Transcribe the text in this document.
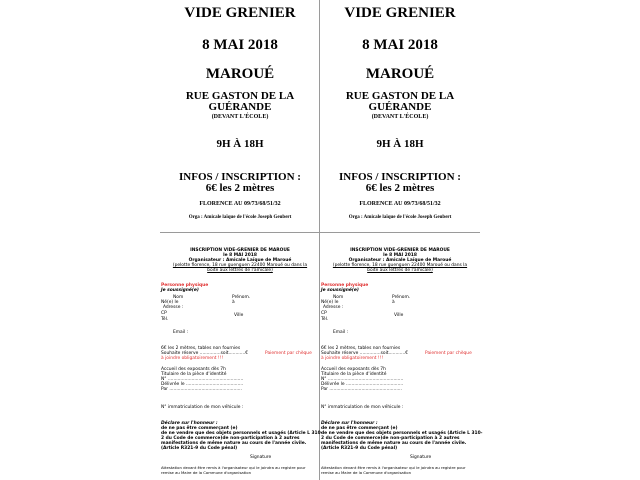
VIDE GRENIER
8 MAI 2018
MAROUÉ
RUE GASTON DE LA
GUÉRANDE
(DEVANT L'ÉCOLE)
9H À 18H
INFOS / INSCRIPTION :
6€ les 2 mètres
FLORENCE AU 09/73/68/51/32
Orga : Amicale laïque de l'école Joseph Geubert
INSCRIPTION VIDE-GRENIER DE MAROUE
le 8 MAI 2018
Organisateur : Amicale Laïque de Maroué
(pelotte florence, 18 rue guenguen 22400 Maroué ou dans la
boite aux lettres de l'amicale)
Personne physique
Je soussigné(e)
Nom	Prénom.
Né(e) le	à
Adresse :
CP	Ville
Tél.
Email :
6€ les 2 mètres, tables non fournies
Souhaite réserve ...............soit............€	Paiement par chèque
à joindre obligatoirement !!!
Accueil des exposants dès 7h
Titulaire de la pièce d'identité
N° ......................................................
Délivrée le .........................................
Par ....................................................
N° immatriculation de mon véhicule :
Déclare sur l'honneur :
de ne pas être commerçant (e)
de ne vendre que des objets personnels et usagés (Article L 310-
2 du Code de commerce)de non-participation à 2 autres
manifestations de même nature au cours de l'année civile.
(Article R321-9 du Code pénal)
Signature
Attestation devant être remis à l'organisateur qui le joindra au registre pour
remise au Maire de la Commune d'organisation
VIDE GRENIER
8 MAI 2018
MAROUÉ
RUE GASTON DE LA
GUÉRANDE
(DEVANT L'ÉCOLE)
9H À 18H
INFOS / INSCRIPTION :
6€ les 2 mètres
FLORENCE AU 09/73/68/51/32
Orga : Amicale laïque de l'école Joseph Geubert
INSCRIPTION VIDE-GRENIER DE MAROUE
le 8 MAI 2018
Organisateur : Amicale Laïque de Maroué
(pelotte florence, 18 rue guenguen 22400 Maroué ou dans la
boite aux lettres de l'amicale)
Personne physique
Je soussigné(e)
Nom	Prénom.
Né(e) le	à
Adresse :
CP	Ville
Tél.
Email :
6€ les 2 mètres, tables non fournies
Souhaite réserve ...............soit............€	Paiement par chèque
à joindre obligatoirement !!!
Accueil des exposants dès 7h
Titulaire de la pièce d'identité
N° ......................................................
Délivrée le .........................................
Par ....................................................
N° immatriculation de mon véhicule :
Déclare sur l'honneur :
de ne pas être commerçant (e)
de ne vendre que des objets personnels et usagés (Article L 310-
2 du Code de commerce)de non-participation à 2 autres
manifestations de même nature au cours de l'année civile.
(Article R321-9 du Code pénal)
Signature
Attestation devant être remis à l'organisateur qui le joindra au registre pour
remise au Maire de la Commune d'organisation
